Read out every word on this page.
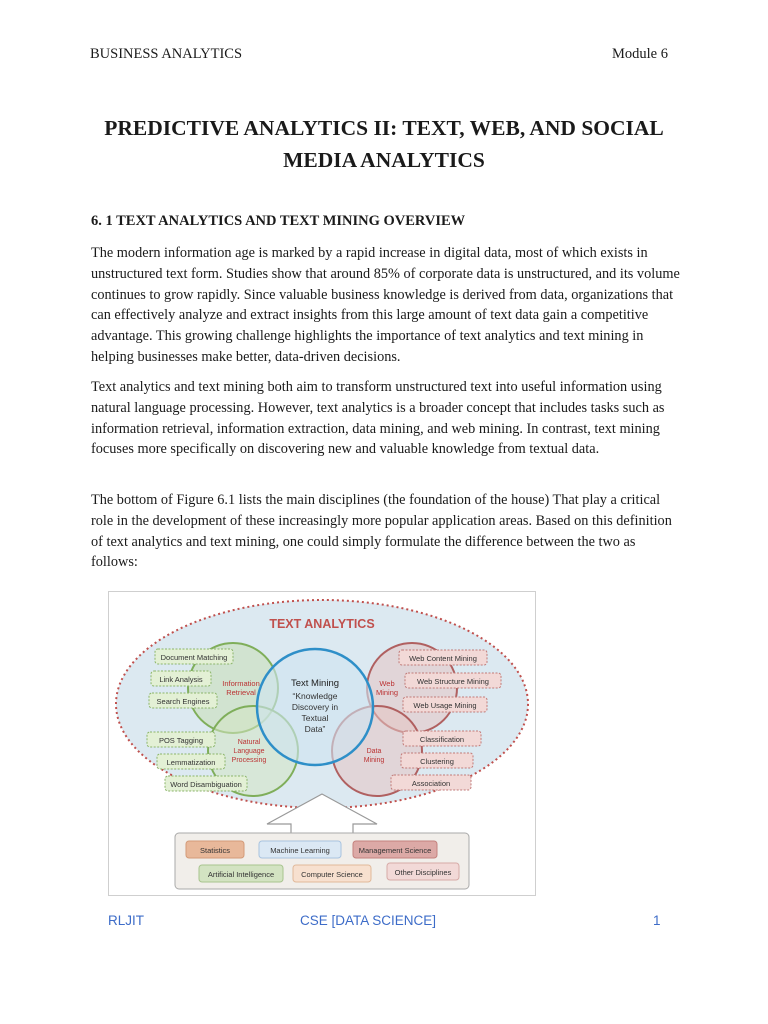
BUSINESS ANALYTICS	Module 6
PREDICTIVE ANALYTICS II: TEXT, WEB, AND SOCIAL
MEDIA ANALYTICS
6. 1 TEXT ANALYTICS AND TEXT MINING OVERVIEW

The modern information age is marked by a rapid increase in digital data, most of which exists in unstructured text form. Studies show that around 85% of corporate data is unstructured, and its volume continues to grow rapidly. Since valuable business knowledge is derived from data, organizations that can effectively analyze and extract insights from this large amount of text data gain a competitive advantage. This growing challenge highlights the importance of text analytics and text mining in helping businesses make better, data-driven decisions.

Text analytics and text mining both aim to transform unstructured text into useful information using natural language processing. However, text analytics is a broader concept that includes tasks such as information retrieval, information extraction, data mining, and web mining. In contrast, text mining focuses more specifically on discovering new and valuable knowledge from textual data.

The bottom of Figure 6.1 lists the main disciplines (the foundation of the house) That play a critical role in the development of these increasingly more popular application areas. Based on this definition of text analytics and text mining, one could simply formulate the difference between the two as follows:

TEXT ANALYTICS
Text Mining
“Knowledge
Discovery in
Textual
Data”
Information
Retrieval
Web
Mining
Natural
Language
Processing
Data
Mining
Document Matching
Link Analysis
Search Engines
POS Tagging
Lemmatization
Word Disambiguation
Web Content Mining
Web Structure Mining
Web Usage Mining
Classification
Clustering
Association
Statistics	Machine Learning	Management Science
Artificial Intelligence	Computer Science	Other Disciplines
RLJIT	CSE [DATA SCIENCE]	1
